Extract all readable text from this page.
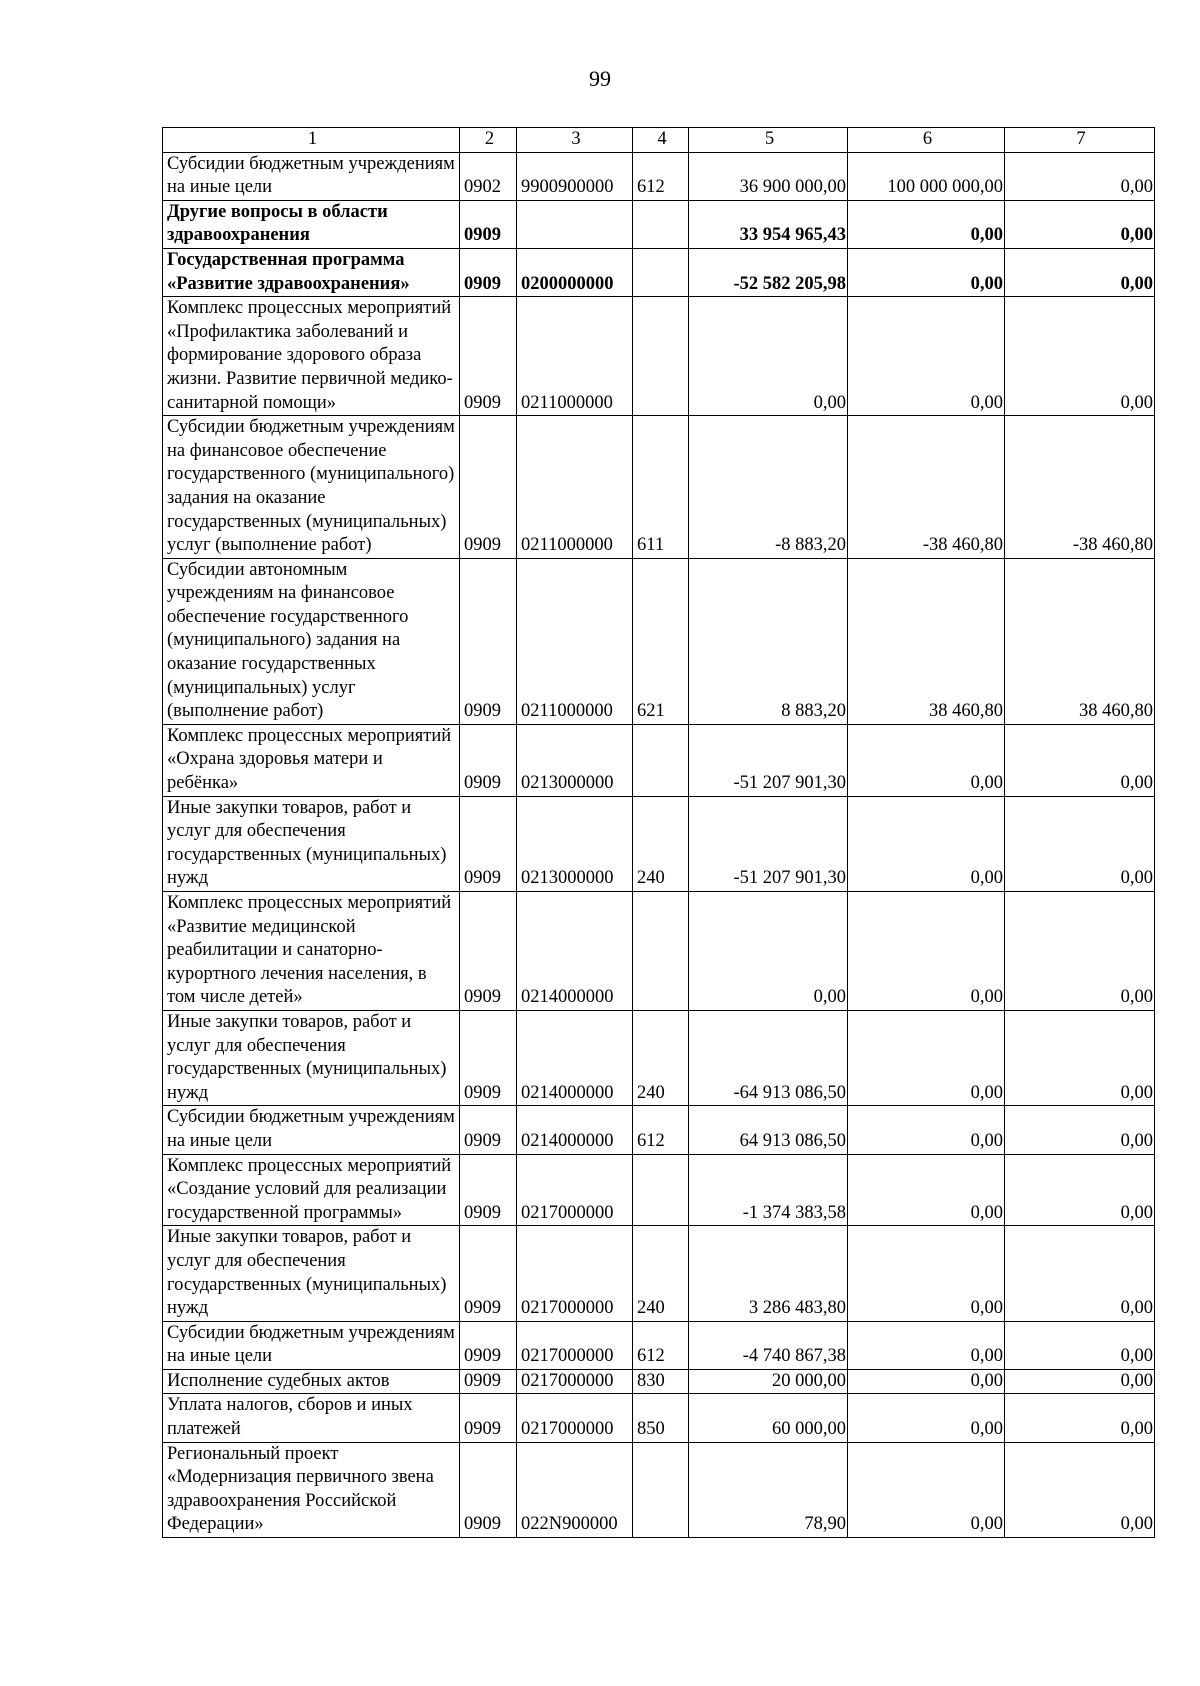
99
1	2	3	4	5	6	7
Субсидии бюджетным учреждениям на иные цели	0902	9900900000	612	36 900 000,00	100 000 000,00	0,00
Другие вопросы в области здравоохранения	0909			33 954 965,43	0,00	0,00
Государственная программа «Развитие здравоохранения»	0909	0200000000		-52 582 205,98	0,00	0,00
Комплекс процессных мероприятий «Профилактика заболеваний и формирование здорового образа жизни. Развитие первичной медико-санитарной помощи»	0909	0211000000		0,00	0,00	0,00
Субсидии бюджетным учреждениям на финансовое обеспечение государственного (муниципального) задания на оказание государственных (муниципальных) услуг (выполнение работ)	0909	0211000000	611	-8 883,20	-38 460,80	-38 460,80
Субсидии автономным учреждениям на финансовое обеспечение государственного (муниципального) задания на оказание государственных (муниципальных) услуг (выполнение работ)	0909	0211000000	621	8 883,20	38 460,80	38 460,80
Комплекс процессных мероприятий «Охрана здоровья матери и ребёнка»	0909	0213000000		-51 207 901,30	0,00	0,00
Иные закупки товаров, работ и услуг для обеспечения государственных (муниципальных) нужд	0909	0213000000	240	-51 207 901,30	0,00	0,00
Комплекс процессных мероприятий «Развитие медицинской реабилитации и санаторно-курортного лечения населения, в том числе детей»	0909	0214000000		0,00	0,00	0,00
Иные закупки товаров, работ и услуг для обеспечения государственных (муниципальных) нужд	0909	0214000000	240	-64 913 086,50	0,00	0,00
Субсидии бюджетным учреждениям на иные цели	0909	0214000000	612	64 913 086,50	0,00	0,00
Комплекс процессных мероприятий «Создание условий для реализации государственной программы»	0909	0217000000		-1 374 383,58	0,00	0,00
Иные закупки товаров, работ и услуг для обеспечения государственных (муниципальных) нужд	0909	0217000000	240	3 286 483,80	0,00	0,00
Субсидии бюджетным учреждениям на иные цели	0909	0217000000	612	-4 740 867,38	0,00	0,00
Исполнение судебных актов	0909	0217000000	830	20 000,00	0,00	0,00
Уплата налогов, сборов и иных платежей	0909	0217000000	850	60 000,00	0,00	0,00
Региональный проект «Модернизация первичного звена здравоохранения Российской Федерации»	0909	022N900000		78,90	0,00	0,00
